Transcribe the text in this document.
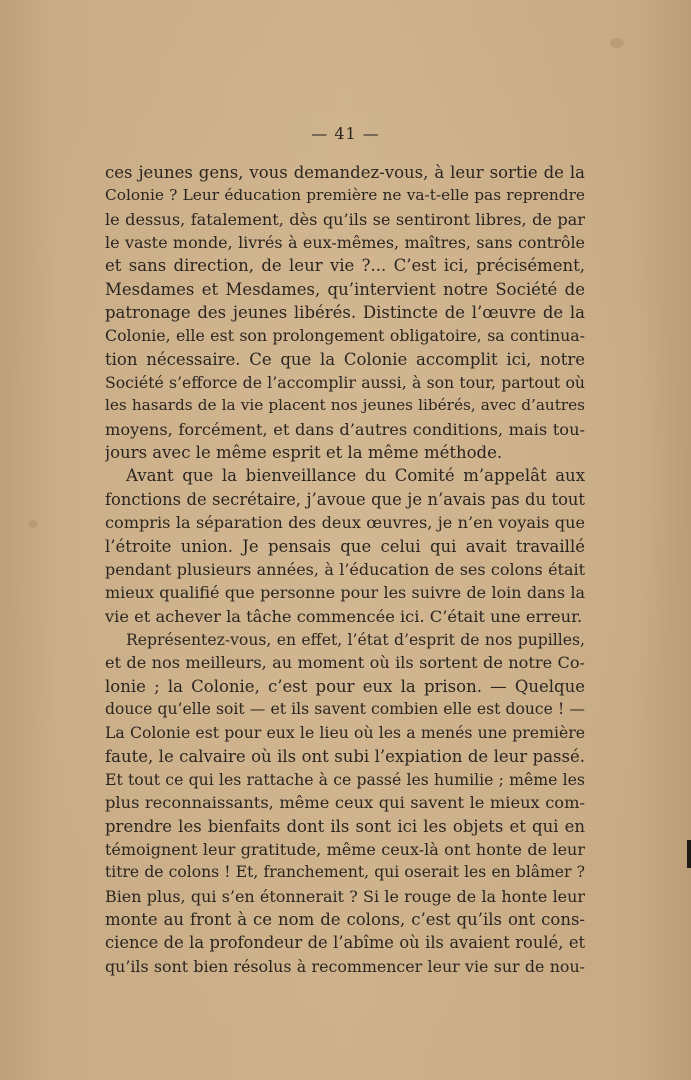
— 41 —
ces jeunes gens, vous demandez-vous, à leur sortie de la
Colonie ? Leur éducation première ne va-t-elle pas reprendre
le dessus, fatalement, dès qu’ils se sentiront libres, de par
le vaste monde, livrés à eux-mêmes, maîtres, sans contrôle
et sans direction, de leur vie ?... C’est ici, précisément,
Mesdames et Mesdames, qu’intervient notre Société de
patronage des jeunes libérés. Distincte de l’œuvre de la
Colonie, elle est son prolongement obligatoire, sa continua-
tion nécessaire. Ce que la Colonie accomplit ici, notre
Société s’efforce de l’accomplir aussi, à son tour, partout où
les hasards de la vie placent nos jeunes libérés, avec d’autres
moyens, forcément, et dans d’autres conditions, mais tou-
jours avec le même esprit et la même méthode.
Avant que la bienveillance du Comité m’appelât aux
fonctions de secrétaire, j’avoue que je n’avais pas du tout
compris la séparation des deux œuvres, je n’en voyais que
l’étroite union. Je pensais que celui qui avait travaillé
pendant plusieurs années, à l’éducation de ses colons était
mieux qualifié que personne pour les suivre de loin dans la
vie et achever la tâche commencée ici. C’était une erreur.
Représentez-vous, en effet, l’état d’esprit de nos pupilles,
et de nos meilleurs, au moment où ils sortent de notre Co-
lonie ; la Colonie, c’est pour eux la prison. — Quelque
douce qu’elle soit — et ils savent combien elle est douce ! —
La Colonie est pour eux le lieu où les a menés une première
faute, le calvaire où ils ont subi l’expiation de leur passé.
Et tout ce qui les rattache à ce passé les humilie ; même les
plus reconnaissants, même ceux qui savent le mieux com-
prendre les bienfaits dont ils sont ici les objets et qui en
témoignent leur gratitude, même ceux-là ont honte de leur
titre de colons ! Et, franchement, qui oserait les en blâmer ?
Bien plus, qui s’en étonnerait ? Si le rouge de la honte leur
monte au front à ce nom de colons, c’est qu’ils ont cons-
cience de la profondeur de l’abîme où ils avaient roulé, et
qu’ils sont bien résolus à recommencer leur vie sur de nou-
